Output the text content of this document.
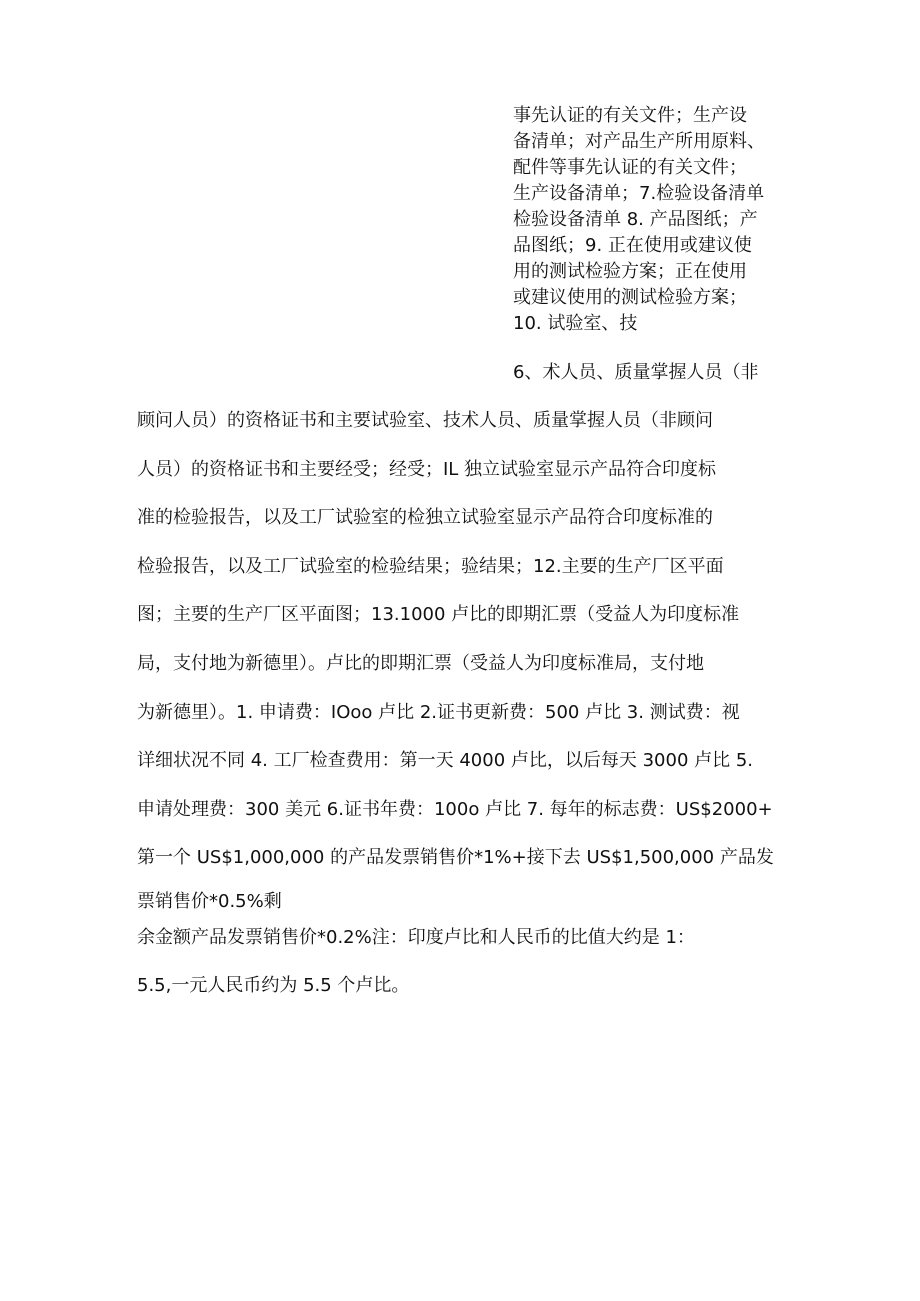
事先认证的有关文件；生产设
备清单；对产品生产所用原料、
配件等事先认证的有关文件；
生产设备清单；7.检验设备清单
检验设备清单 8. 产品图纸；产
品图纸；9. 正在使用或建议使
用的测试检验方案；正在使用
或建议使用的测试检验方案；
10. 试验室、技
6、术人员、质量掌握人员（非
顾问人员）的资格证书和主要试验室、技术人员、质量掌握人员（非顾问
人员）的资格证书和主要经受；经受；IL 独立试验室显示产品符合印度标
准的检验报告，以及工厂试验室的检独立试验室显示产品符合印度标准的
检验报告，以及工厂试验室的检验结果；验结果；12.主要的生产厂区平面
图；主要的生产厂区平面图；13.1000 卢比的即期汇票（受益人为印度标准
局，支付地为新德里）。卢比的即期汇票（受益人为印度标准局，支付地
为新德里）。1. 申请费：IOoo 卢比 2.证书更新费：500 卢比 3. 测试费：视
详细状况不同 4. 工厂检查费用：第一天 4000 卢比，以后每天 3000 卢比 5.
申请处理费：300 美元 6.证书年费：100o 卢比 7. 每年的标志费：US$2000+
第一个 US$1,000,000 的产品发票销售价*1%+接下去 US$1,500,000 产品发
票销售价*0.5%剩
余金额产品发票销售价*0.2%注：印度卢比和人民币的比值大约是 1：
5.5,一元人民币约为 5.5 个卢比。
